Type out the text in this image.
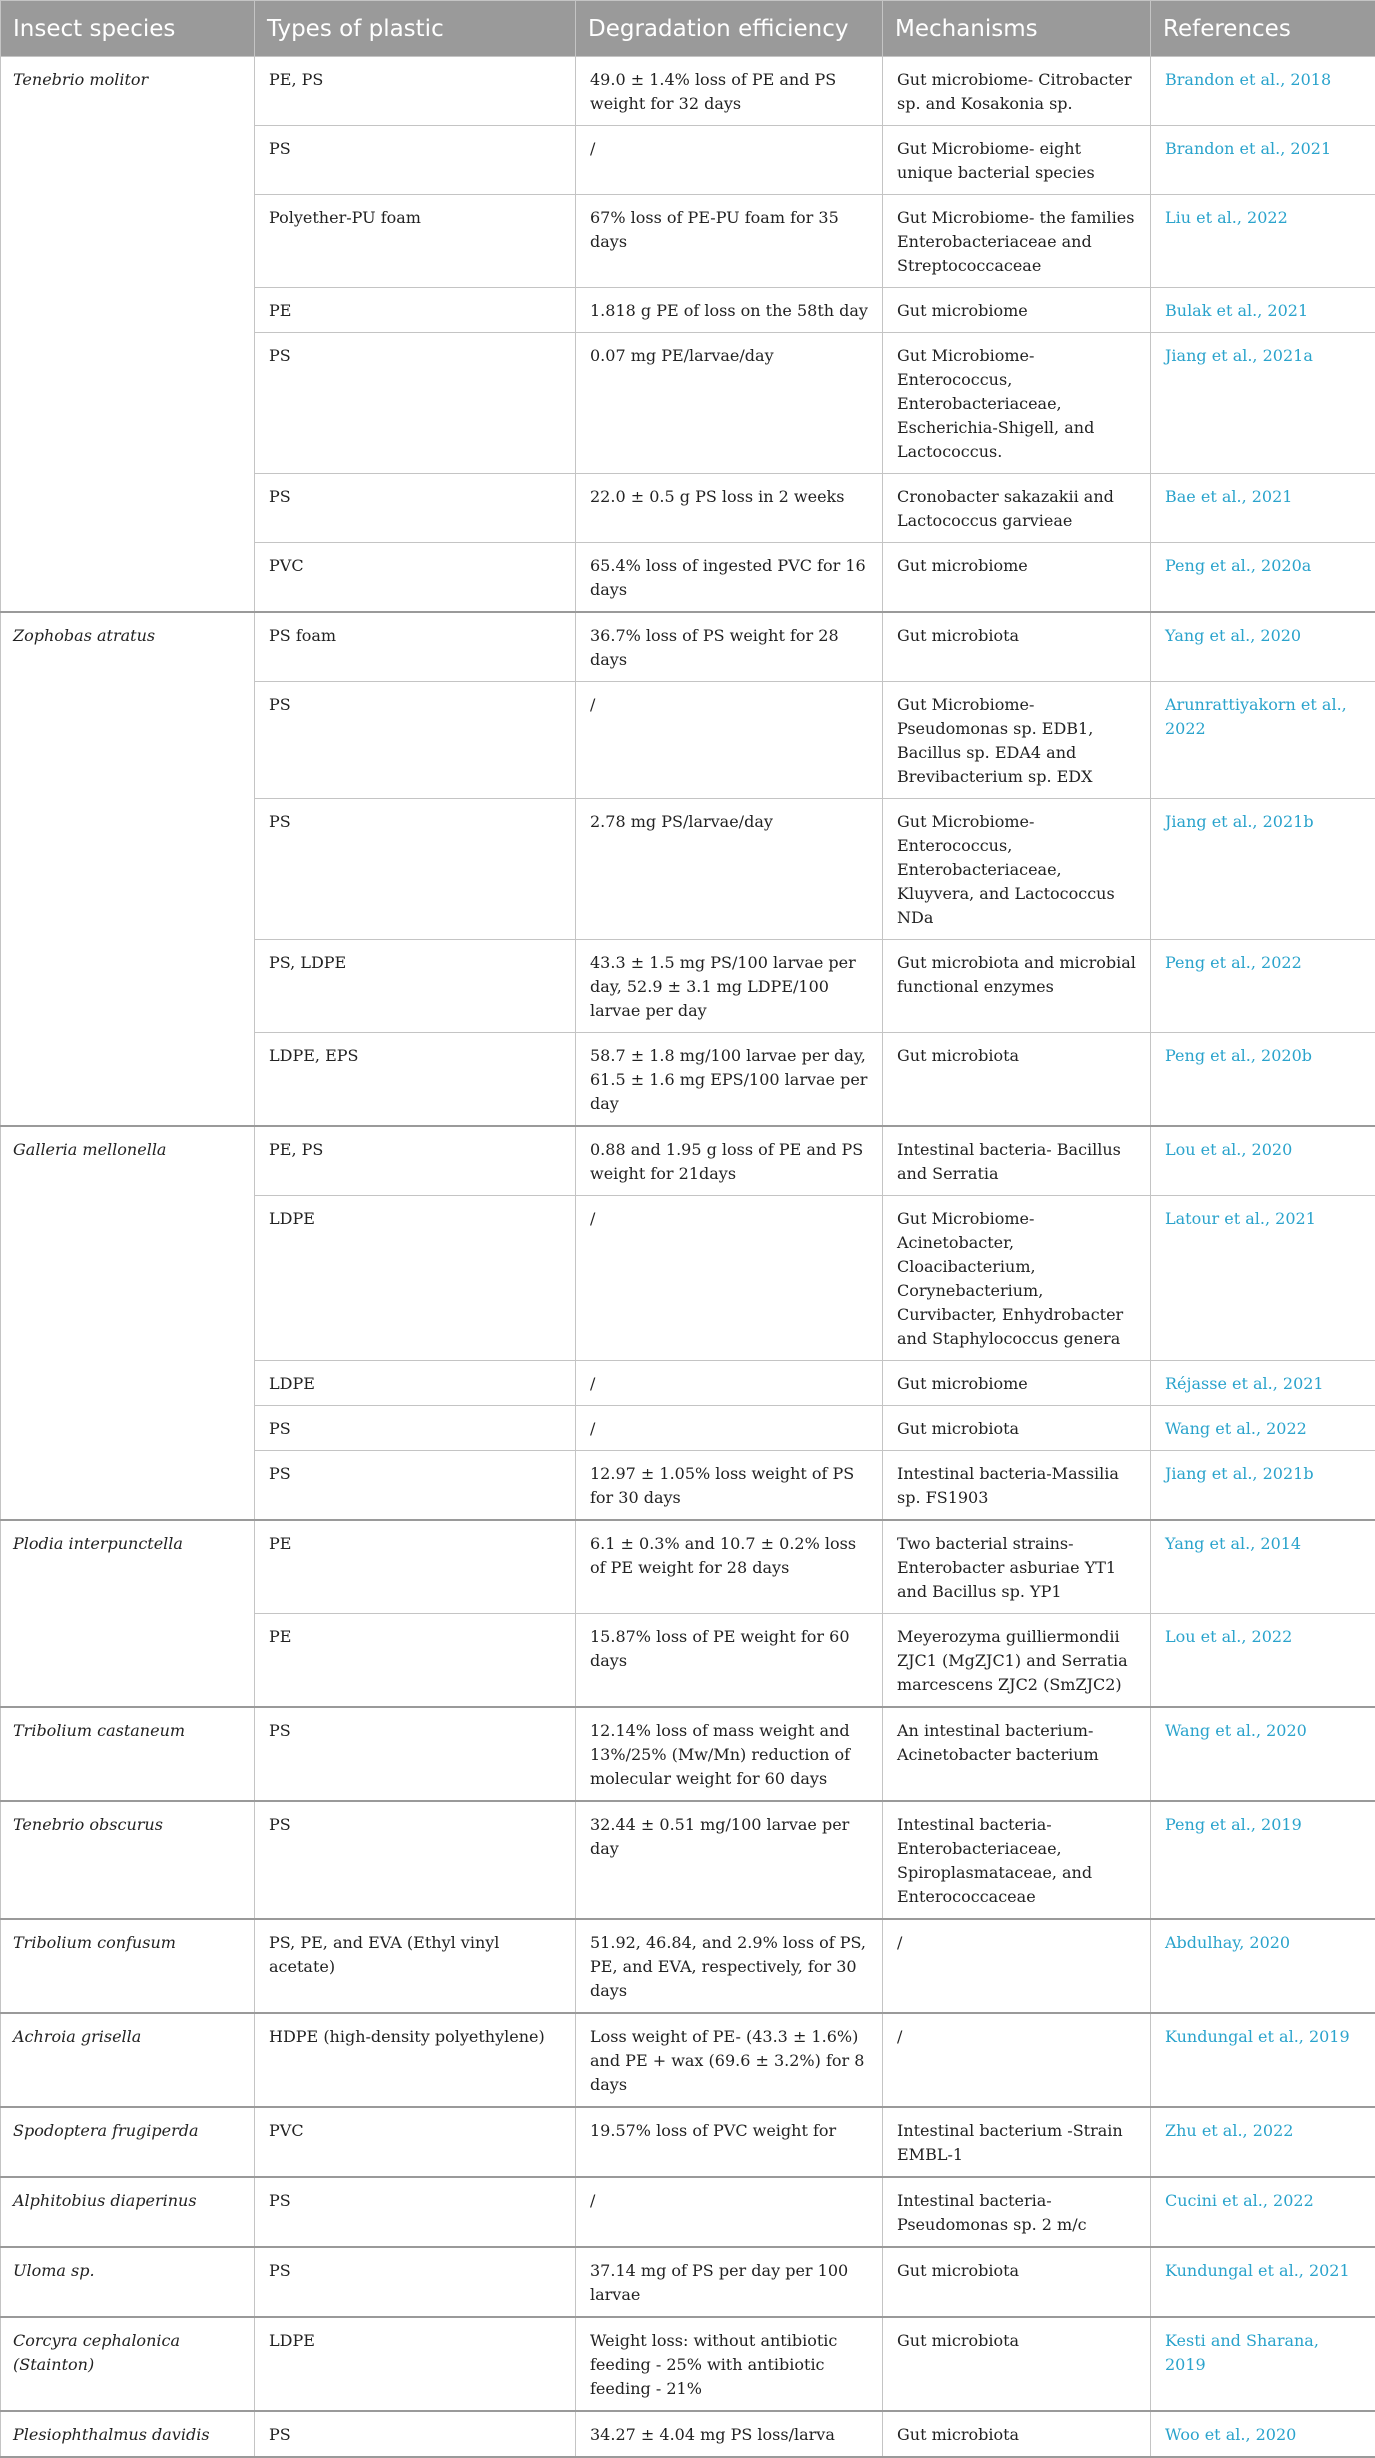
Insect species	Types of plastic	Degradation efficiency	Mechanisms	References
Tenebrio molitor	PE, PS	49.0 ± 1.4% loss of PE and PS weight for 32 days	Gut microbiome- Citrobacter sp. and Kosakonia sp.	Brandon et al., 2018
	PS	/	Gut Microbiome- eight unique bacterial species	Brandon et al., 2021
	Polyether-PU foam	67% loss of PE-PU foam for 35 days	Gut Microbiome- the families Enterobacteriaceae and Streptococcaceae	Liu et al., 2022
	PE	1.818 g PE of loss on the 58th day	Gut microbiome	Bulak et al., 2021
	PS	0.07 mg PE/larvae/day	Gut Microbiome- Enterococcus, Enterobacteriaceae, Escherichia-Shigell, and Lactococcus.	Jiang et al., 2021a
	PS	22.0 ± 0.5 g PS loss in 2 weeks	Cronobacter sakazakii and Lactococcus garvieae	Bae et al., 2021
	PVC	65.4% loss of ingested PVC for 16 days	Gut microbiome	Peng et al., 2020a
Zophobas atratus	PS foam	36.7% loss of PS weight for 28 days	Gut microbiota	Yang et al., 2020
	PS	/	Gut Microbiome-Pseudomonas sp. EDB1, Bacillus sp. EDA4 and Brevibacterium sp. EDX	Arunrattiyakorn et al., 2022
	PS	2.78 mg PS/larvae/day	Gut Microbiome-Enterococcus, Enterobacteriaceae, Kluyvera, and Lactococcus NDa	Jiang et al., 2021b
	PS, LDPE	43.3 ± 1.5 mg PS/100 larvae per day, 52.9 ± 3.1 mg LDPE/100 larvae per day	Gut microbiota and microbial functional enzymes	Peng et al., 2022
	LDPE, EPS	58.7 ± 1.8 mg/100 larvae per day, 61.5 ± 1.6 mg EPS/100 larvae per day	Gut microbiota	Peng et al., 2020b
Galleria mellonella	PE, PS	0.88 and 1.95 g loss of PE and PS weight for 21days	Intestinal bacteria- Bacillus and Serratia	Lou et al., 2020
	LDPE	/	Gut Microbiome-Acinetobacter, Cloacibacterium, Corynebacterium, Curvibacter, Enhydrobacter and Staphylococcus genera	Latour et al., 2021
	LDPE	/	Gut microbiome	Réjasse et al., 2021
	PS	/	Gut microbiota	Wang et al., 2022
	PS	12.97 ± 1.05% loss weight of PS for 30 days	Intestinal bacteria-Massilia sp. FS1903	Jiang et al., 2021b
Plodia interpunctella	PE	6.1 ± 0.3% and 10.7 ± 0.2% loss of PE weight for 28 days	Two bacterial strains-Enterobacter asburiae YT1 and Bacillus sp. YP1	Yang et al., 2014
	PE	15.87% loss of PE weight for 60 days	Meyerozyma guilliermondii ZJC1 (MgZJC1) and Serratia marcescens ZJC2 (SmZJC2)	Lou et al., 2022
Tribolium castaneum	PS	12.14% loss of mass weight and 13%/25% (Mw/Mn) reduction of molecular weight for 60 days	An intestinal bacterium-Acinetobacter bacterium	Wang et al., 2020
Tenebrio obscurus	PS	32.44 ± 0.51 mg/100 larvae per day	Intestinal bacteria-Enterobacteriaceae, Spiroplasmataceae, and Enterococcaceae	Peng et al., 2019
Tribolium confusum	PS, PE, and EVA (Ethyl vinyl acetate)	51.92, 46.84, and 2.9% loss of PS, PE, and EVA, respectively, for 30 days	/	Abdulhay, 2020
Achroia grisella	HDPE (high-density polyethylene)	Loss weight of PE- (43.3 ± 1.6%) and PE + wax (69.6 ± 3.2%) for 8 days	/	Kundungal et al., 2019
Spodoptera frugiperda	PVC	19.57% loss of PVC weight for	Intestinal bacterium -Strain EMBL-1	Zhu et al., 2022
Alphitobius diaperinus	PS	/	Intestinal bacteria-Pseudomonas sp. 2 m/c	Cucini et al., 2022
Uloma sp.	PS	37.14 mg of PS per day per 100 larvae	Gut microbiota	Kundungal et al., 2021
Corcyra cephalonica (Stainton)	LDPE	Weight loss: without antibiotic feeding - 25% with antibiotic feeding - 21%	Gut microbiota	Kesti and Sharana, 2019
Plesiophthalmus davidis	PS	34.27 ± 4.04 mg PS loss/larva	Gut microbiota	Woo et al., 2020
